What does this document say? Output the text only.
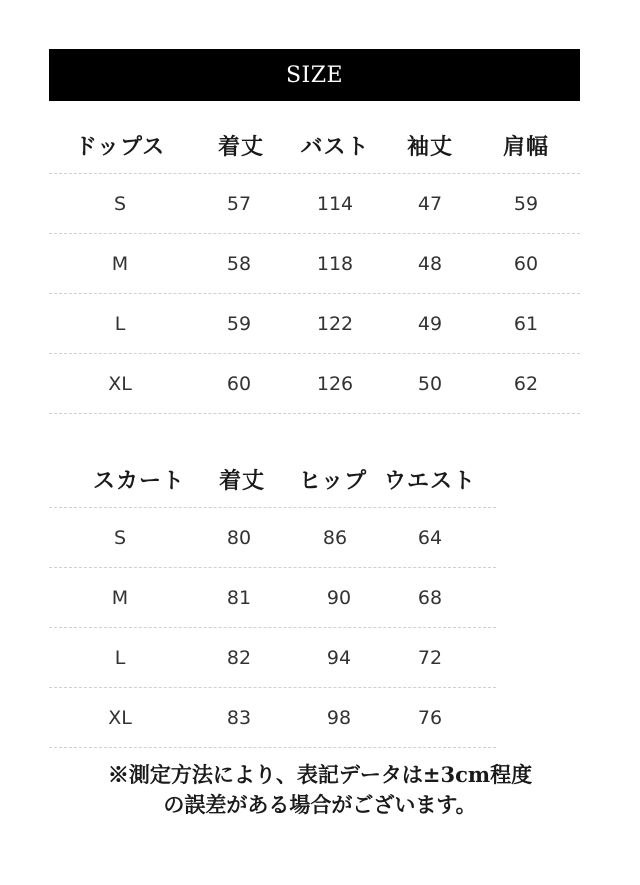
SIZE
ドップス 着丈 バスト 袖丈 肩幅
S	57	114	47	59
M	58	118	48	60
L	59	122	49	61
XL	60	126	50	62
スカート 着丈 ヒップ ウエスト
S	80	86	64
M	81	90	68
L	82	94	72
XL	83	98	76
※測定方法により、表記データは±3cm程度
の誤差がある場合がございます。
